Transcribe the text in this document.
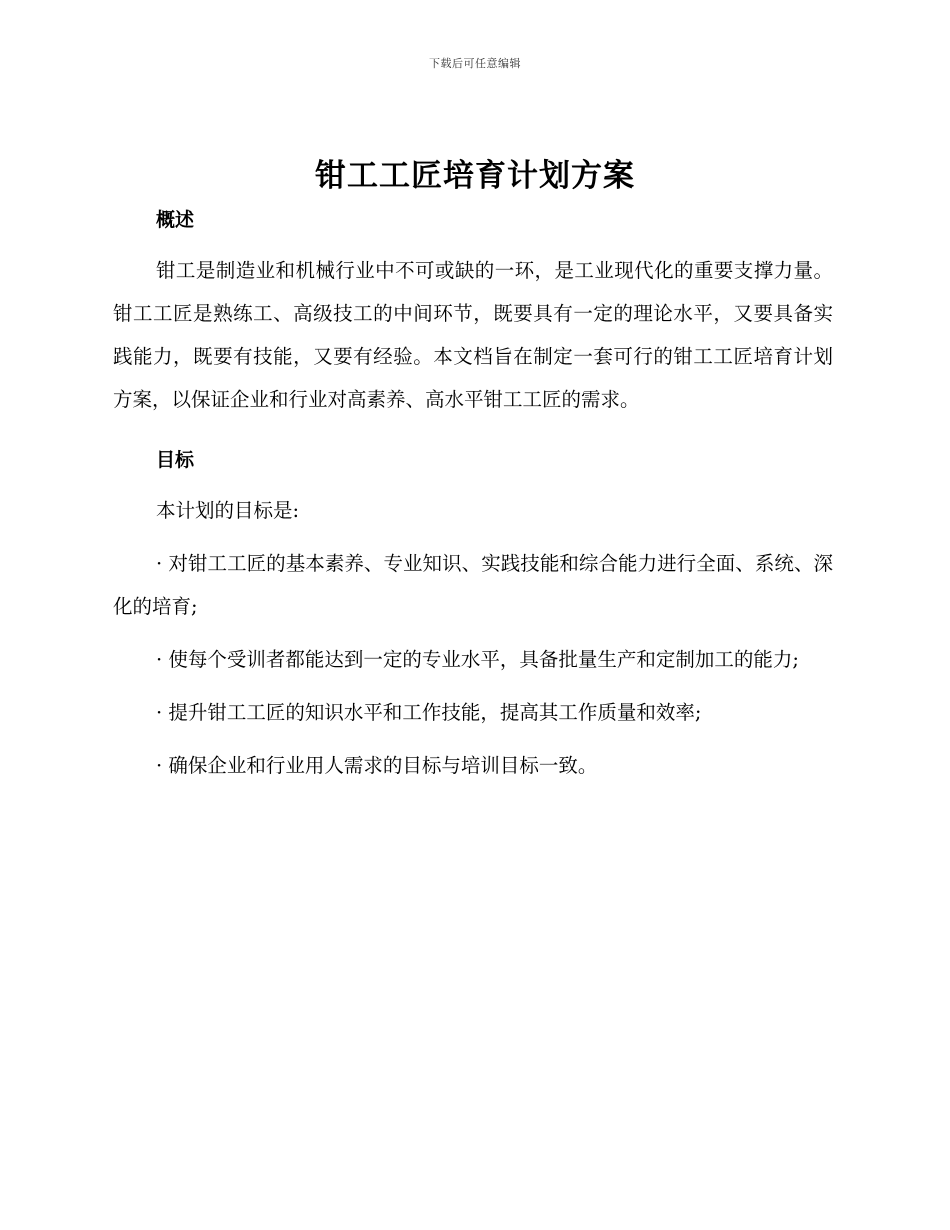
下载后可任意编辑
钳工工匠培育计划方案
概述

钳工是制造业和机械行业中不可或缺的一环，是工业现代化的重要支撑力量。钳工工匠是熟练工、高级技工的中间环节，既要具有一定的理论水平，又要具备实践能力，既要有技能，又要有经验。本文档旨在制定一套可行的钳工工匠培育计划方案，以保证企业和行业对高素养、高水平钳工工匠的需求。

目标

本计划的目标是:

· 对钳工工匠的基本素养、专业知识、实践技能和综合能力进行全面、系统、深化的培育;

· 使每个受训者都能达到一定的专业水平，具备批量生产和定制加工的能力;

· 提升钳工工匠的知识水平和工作技能，提高其工作质量和效率;

· 确保企业和行业用人需求的目标与培训目标一致。
